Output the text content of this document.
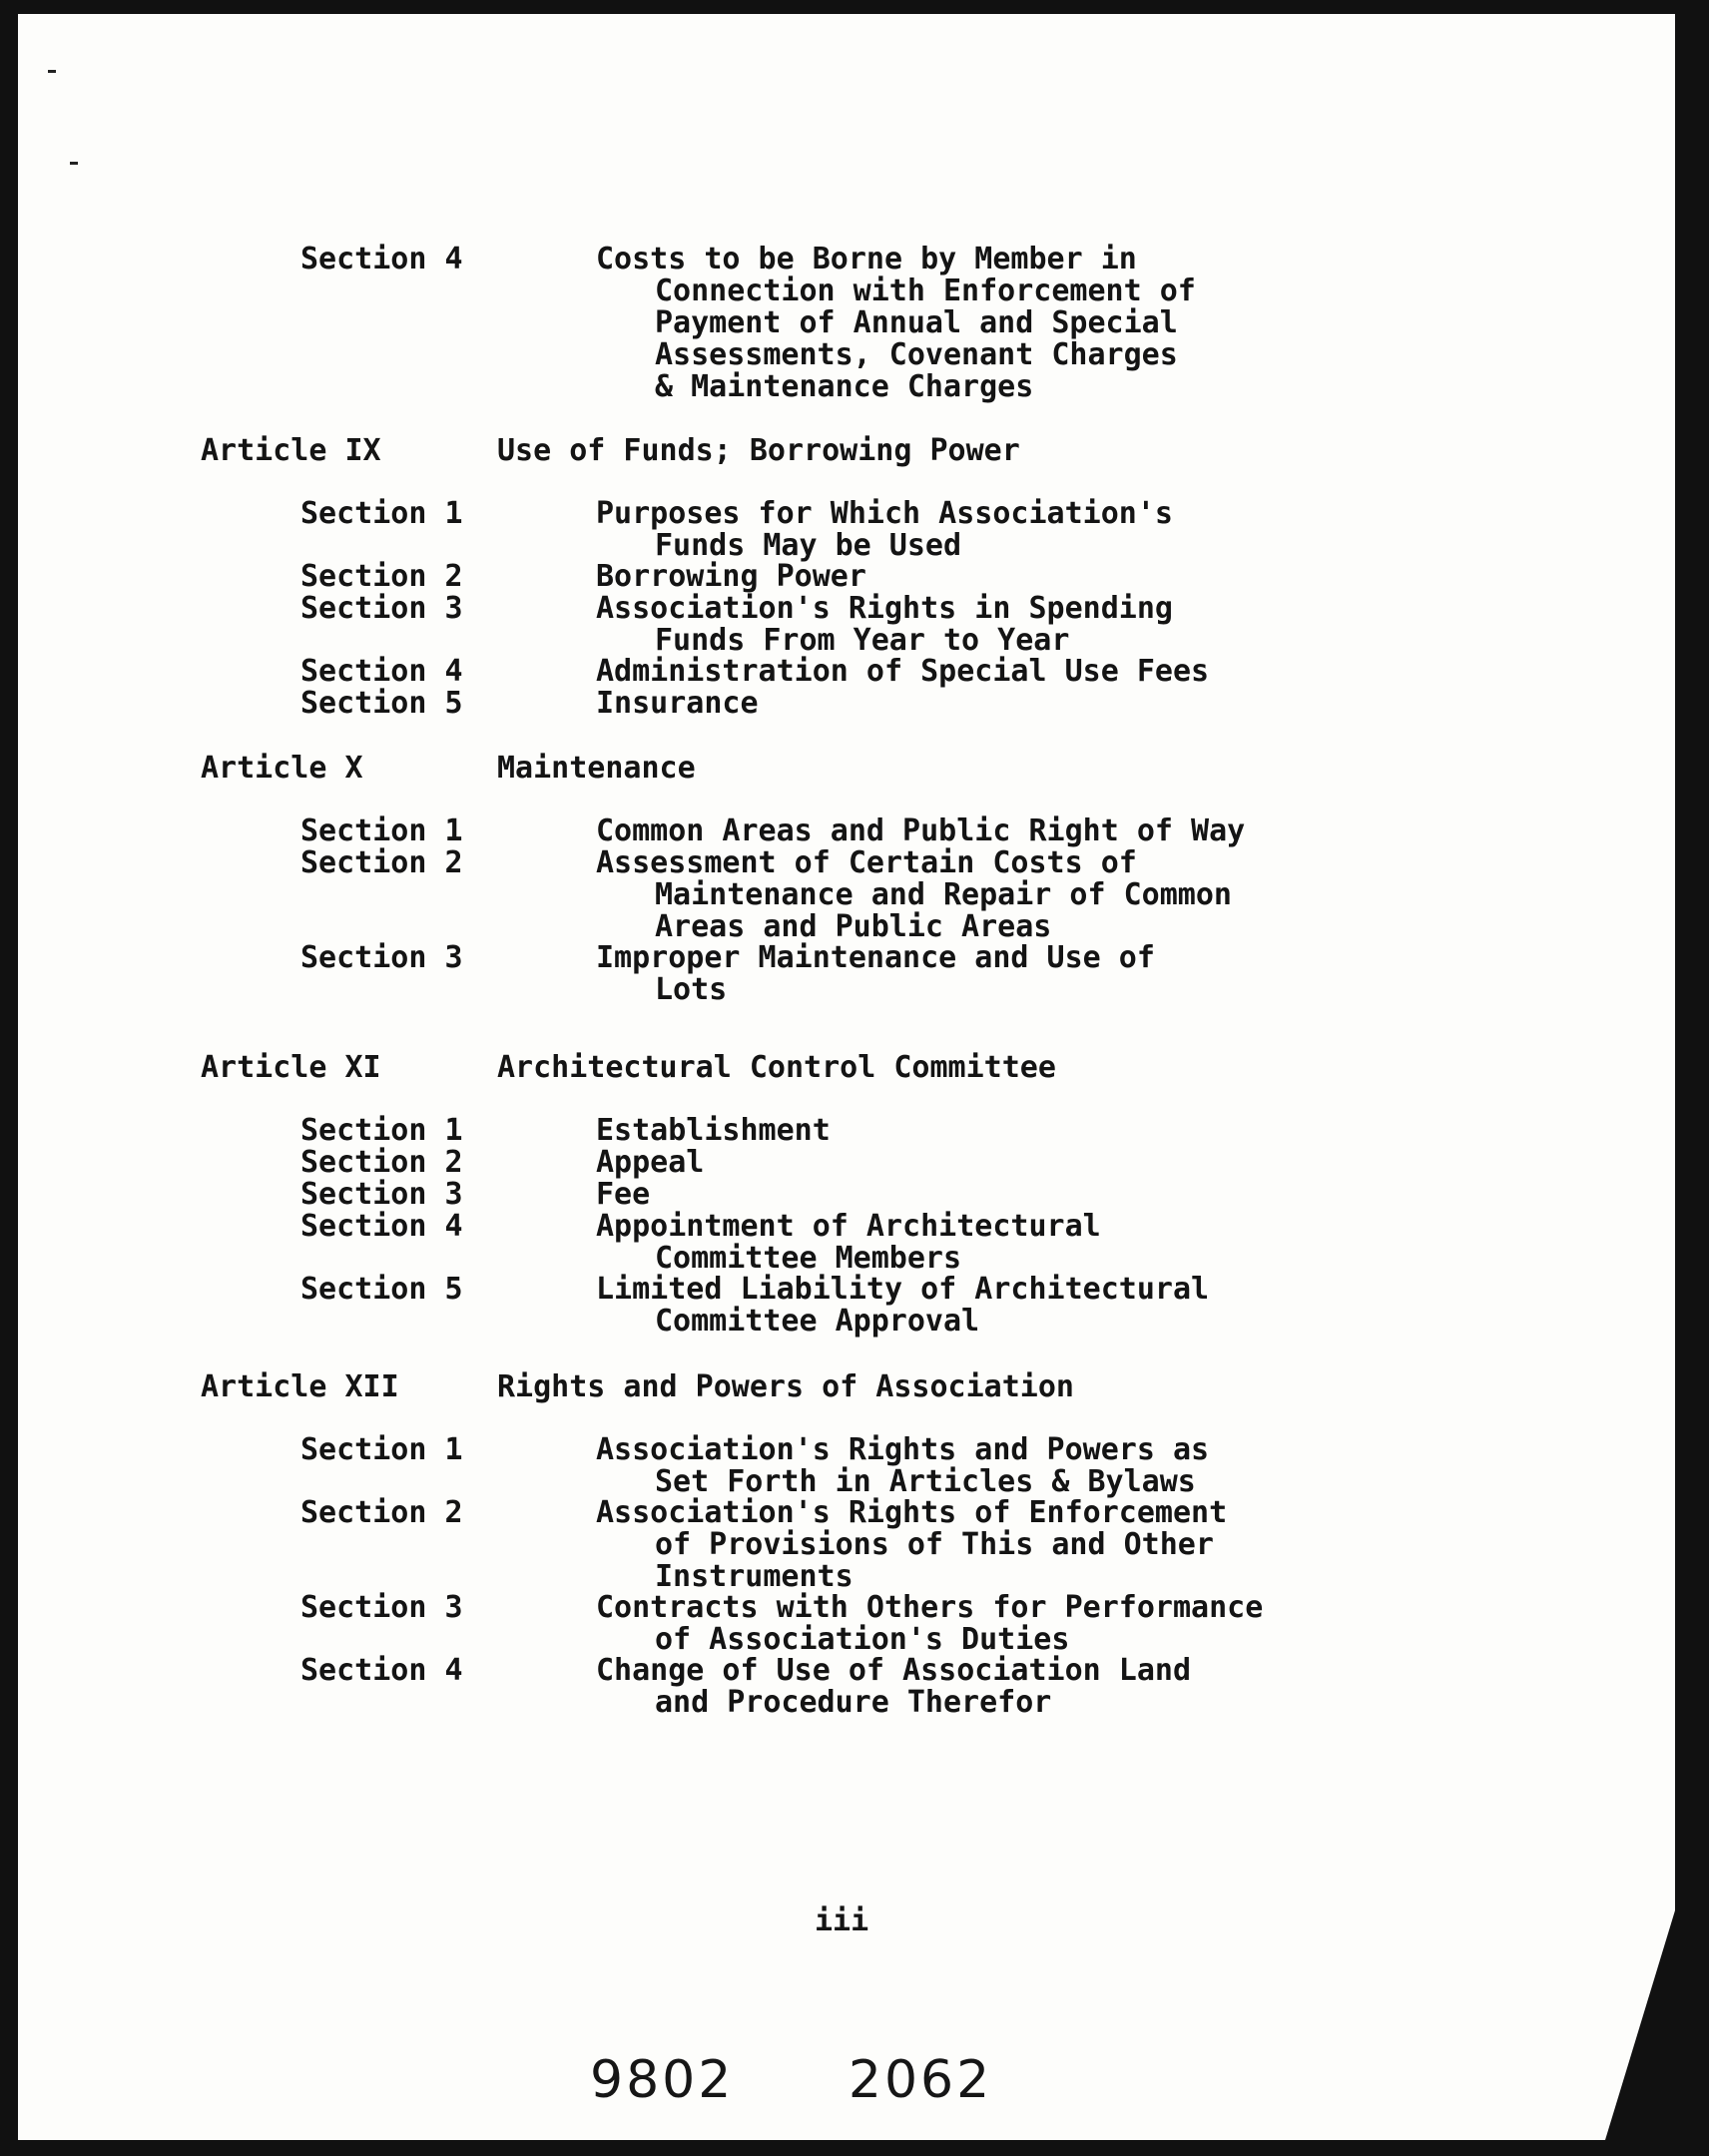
Section 4	Costs to be Borne by Member in
Connection with Enforcement of
Payment of Annual and Special
Assessments, Covenant Charges
& Maintenance Charges
Article IX	Use of Funds; Borrowing Power
Section 1	Purposes for Which Association's
Funds May be Used
Section 2	Borrowing Power
Section 3	Association's Rights in Spending
Funds From Year to Year
Section 4	Administration of Special Use Fees
Section 5	Insurance
Article X	Maintenance
Section 1	Common Areas and Public Right of Way
Section 2	Assessment of Certain Costs of
Maintenance and Repair of Common
Areas and Public Areas
Section 3	Improper Maintenance and Use of
Lots
Article XI	Architectural Control Committee
Section 1	Establishment
Section 2	Appeal
Section 3	Fee
Section 4	Appointment of Architectural
Committee Members
Section 5	Limited Liability of Architectural
Committee Approval
Article XII	Rights and Powers of Association
Section 1	Association's Rights and Powers as
Set Forth in Articles & Bylaws
Section 2	Association's Rights of Enforcement
of Provisions of This and Other
Instruments
Section 3	Contracts with Others for Performance
of Association's Duties
Section 4	Change of Use of Association Land
and Procedure Therefor
iii
9802 2062
